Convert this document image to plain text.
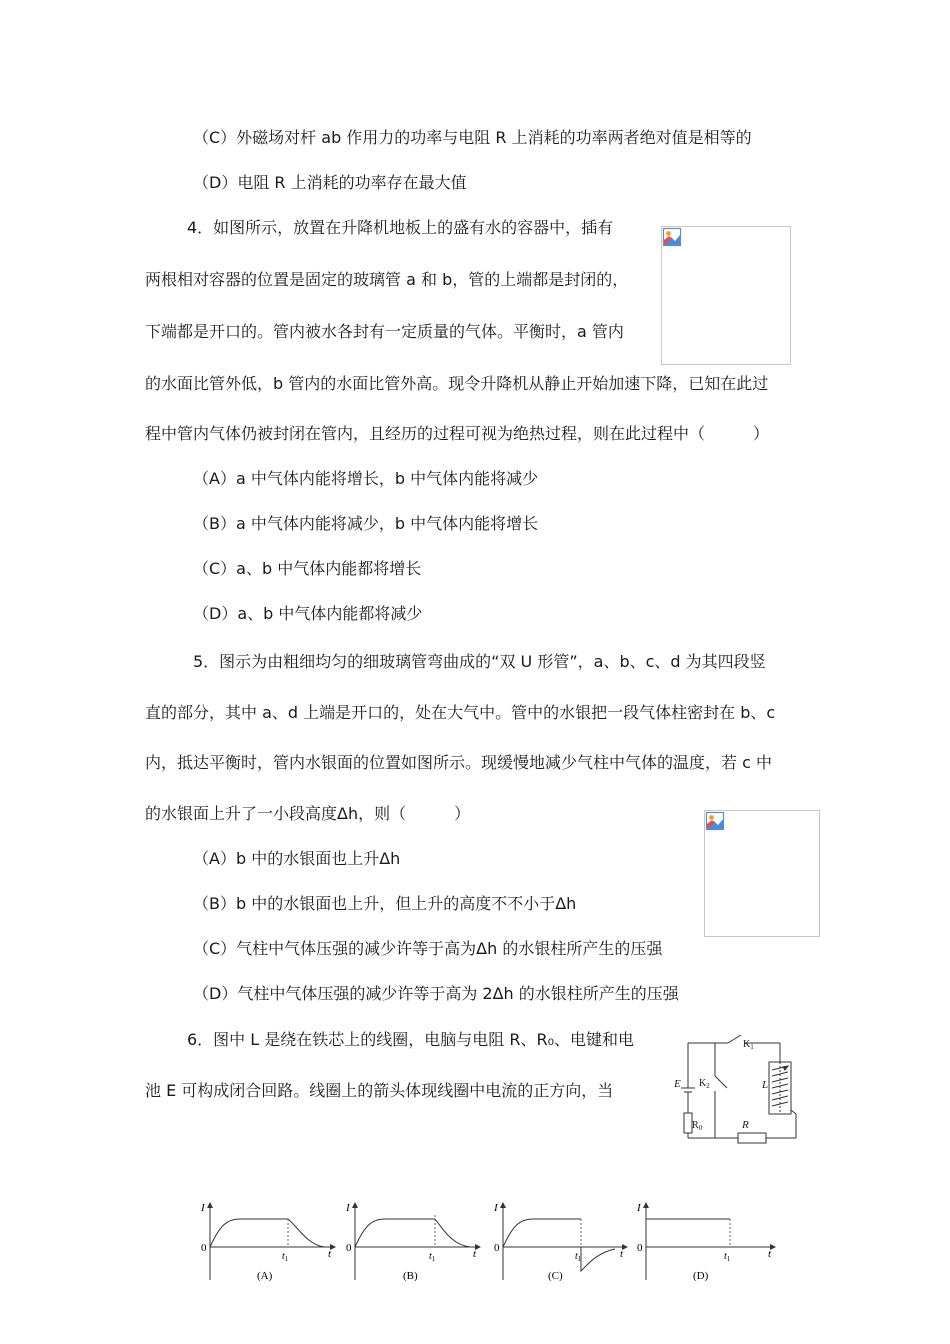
（C）外磁场对杆 ab 作用力的功率与电阻 R 上消耗的功率两者绝对值是相等的
（D）电阻 R 上消耗的功率存在最大值
4．如图所示，放置在升降机地板上的盛有水的容器中，插有
两根相对容器的位置是固定的玻璃管 a 和 b，管的上端都是封闭的，
下端都是开口的。管内被水各封有一定质量的气体。平衡时，a 管内
的水面比管外低，b 管内的水面比管外高。现令升降机从静止开始加速下降，已知在此过
程中管内气体仍被封闭在管内，且经历的过程可视为绝热过程，则在此过程中（　　　）
（A）a 中气体内能将增长，b 中气体内能将减少
（B）a 中气体内能将减少，b 中气体内能将增长
（C）a、b 中气体内能都将增长
（D）a、b 中气体内能都将减少
5．图示为由粗细均匀的细玻璃管弯曲成的“双 U 形管”，a、b、c、d 为其四段竖
直的部分，其中 a、d 上端是开口的，处在大气中。管中的水银把一段气体柱密封在 b、c
内，抵达平衡时，管内水银面的位置如图所示。现缓慢地减少气柱中气体的温度，若 c 中
的水银面上升了一小段高度Δh，则（　　　）
（A）b 中的水银面也上升Δh
（B）b 中的水银面也上升，但上升的高度不不小于Δh
（C）气柱中气体压强的减少许等于高为Δh 的水银柱所产生的压强
（D）气柱中气体压强的减少许等于高为 2Δh 的水银柱所产生的压强
6．图中 L 是绕在铁芯上的线圈，电脑与电阻 R、R₀、电键和电
池 E 可构成闭合回路。线圈上的箭头体现线圈中电流的正方向，当
$K_1$
$K_2$
E	L
R
$R_0$
I
0
$t_1$	t
(A)
I
0
$t_1$	t
(B)
I
0
$t_1$	t
(C)
I
0
$t_1$	t
(D)
